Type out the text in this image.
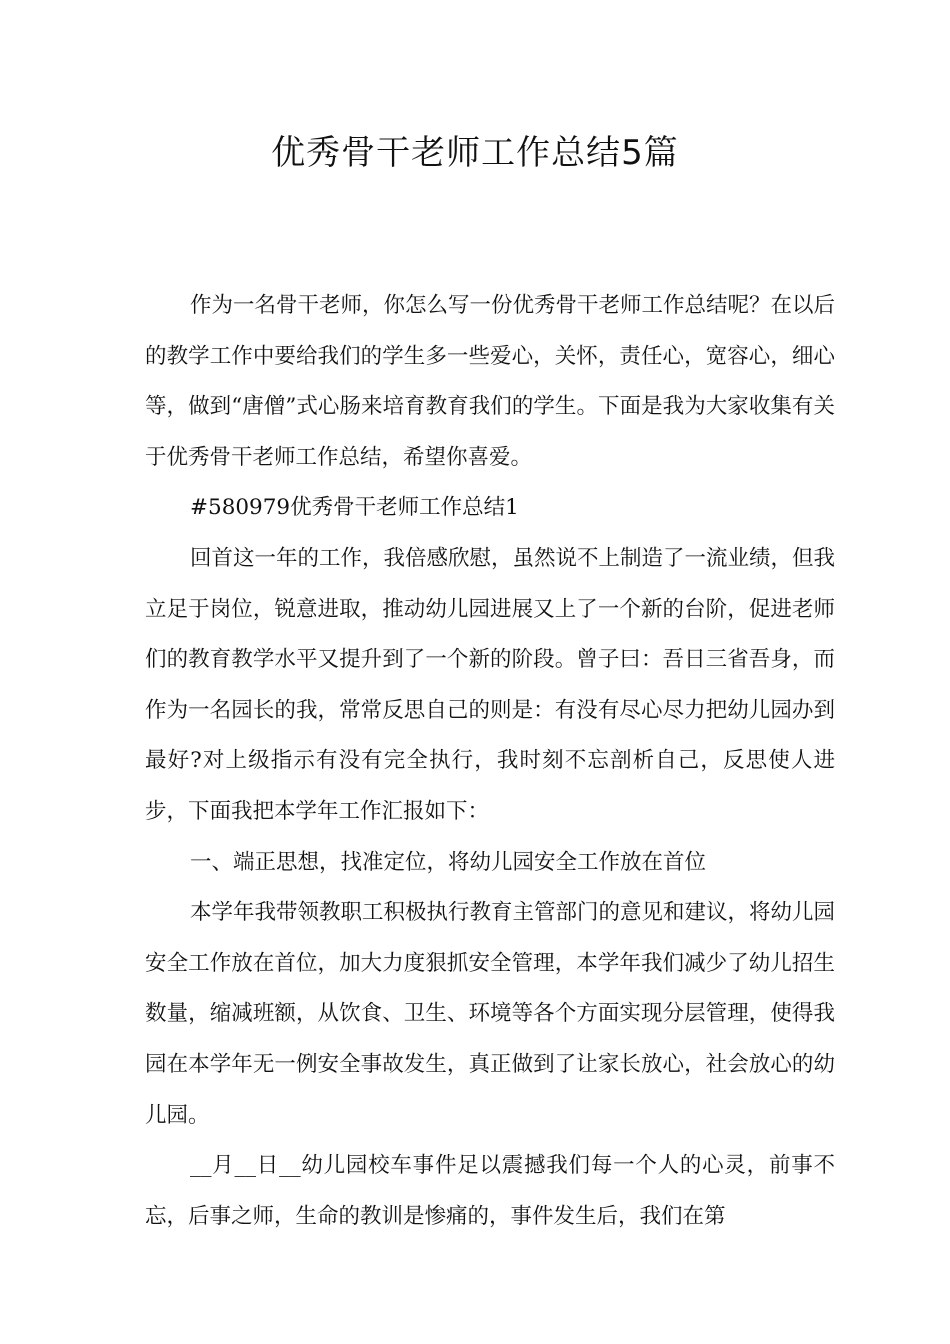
优秀骨干老师工作总结5篇

作为一名骨干老师，你怎么写一份优秀骨干老师工作总结呢？在以后的教学工作中要给我们的学生多一些爱心，关怀，责任心，宽容心，细心等，做到“唐僧”式心肠来培育教育我们的学生。下面是我为大家收集有关于优秀骨干老师工作总结，希望你喜爱。

#580979优秀骨干老师工作总结1

回首这一年的工作，我倍感欣慰，虽然说不上制造了一流业绩，但我立足于岗位，锐意进取，推动幼儿园进展又上了一个新的台阶，促进老师们的教育教学水平又提升到了一个新的阶段。曾子曰：吾日三省吾身，而作为一名园长的我，常常反思自己的则是：有没有尽心尽力把幼儿园办到最好?对上级指示有没有完全执行，我时刻不忘剖析自己，反思使人进步，下面我把本学年工作汇报如下：

一、端正思想，找准定位，将幼儿园安全工作放在首位

本学年我带领教职工积极执行教育主管部门的意见和建议，将幼儿园安全工作放在首位，加大力度狠抓安全管理，本学年我们减少了幼儿招生数量，缩减班额，从饮食、卫生、环境等各个方面实现分层管理，使得我园在本学年无一例安全事故发生，真正做到了让家长放心，社会放心的幼儿园。

__月__日__幼儿园校车事件足以震撼我们每一个人的心灵，前事不忘，后事之师，生命的教训是惨痛的，事件发生后，我们在第
